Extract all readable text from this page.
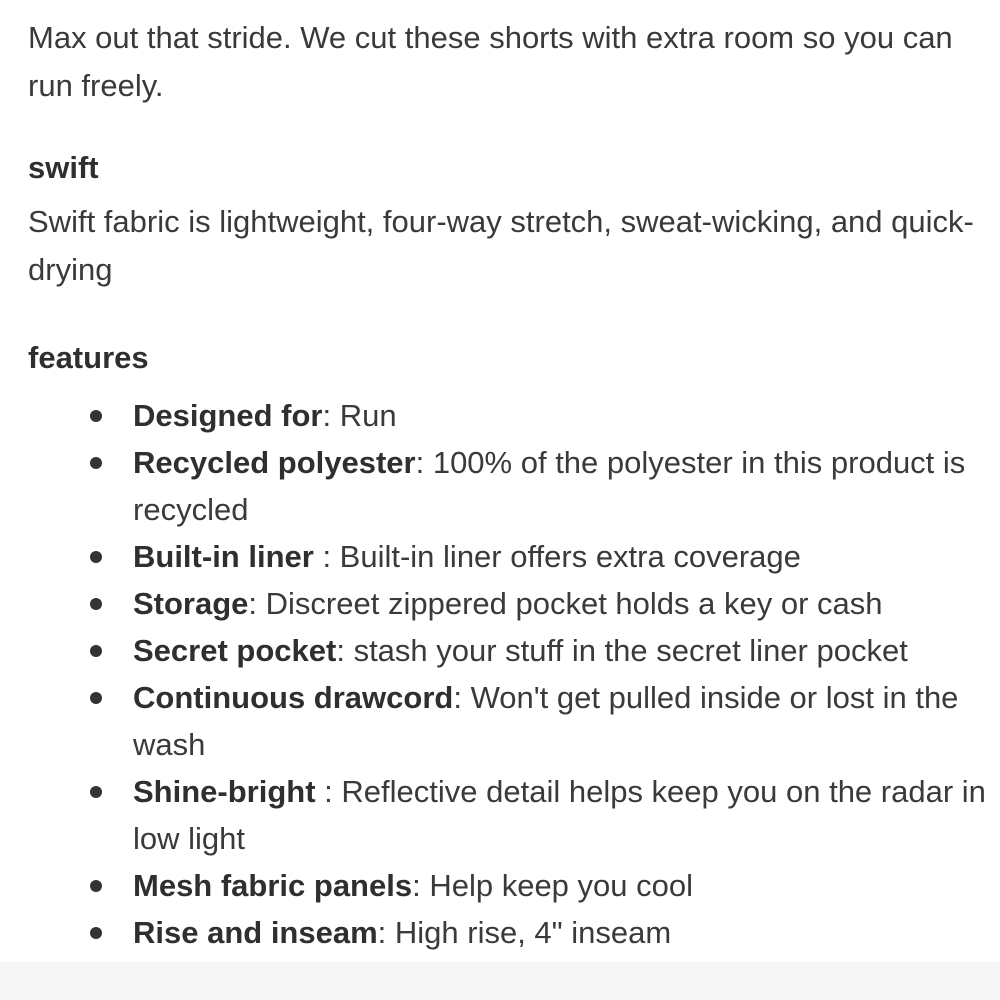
Max out that stride. We cut these shorts with extra room so you can run freely.

swift

Swift fabric is lightweight, four-way stretch, sweat-wicking, and quick-drying

features
Designed for: Run
Recycled polyester: 100% of the polyester in this product is recycled
Built-in liner : Built-in liner offers extra coverage
Storage: Discreet zippered pocket holds a key or cash
Secret pocket: stash your stuff in the secret liner pocket
Continuous drawcord: Won't get pulled inside or lost in the wash
Shine-bright : Reflective detail helps keep you on the radar in low light
Mesh fabric panels: Help keep you cool
Rise and inseam: High rise, 4" inseam
